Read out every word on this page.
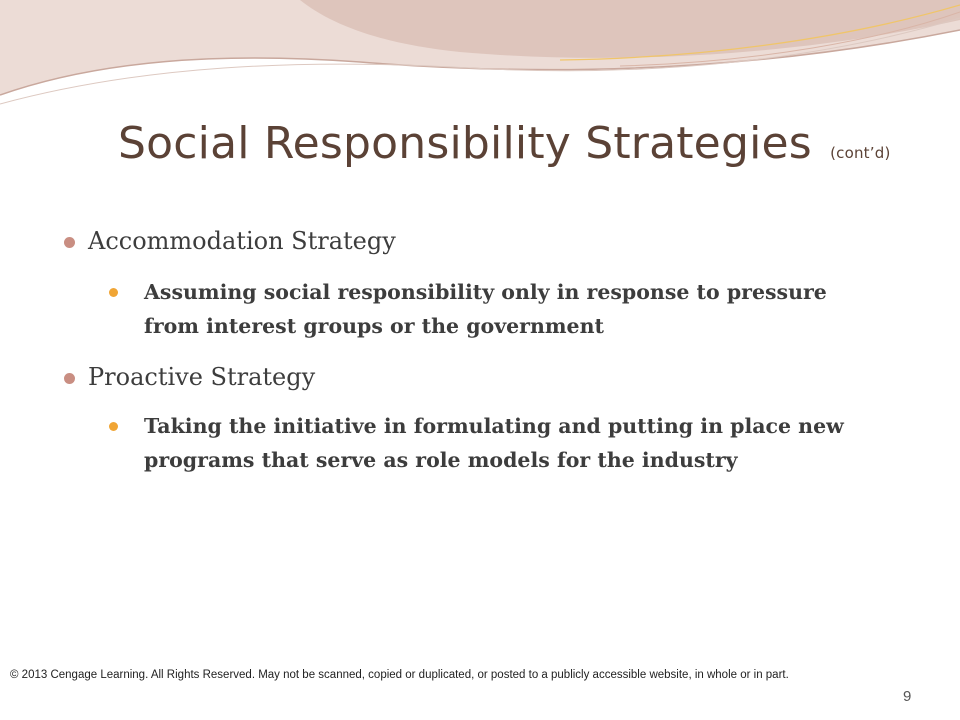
Social Responsibility Strategies (cont’d)
Accommodation Strategy
Assuming social responsibility only in response to pressure from interest groups or the government
Proactive Strategy
Taking the initiative in formulating and putting in place new programs that serve as role models for the industry
© 2013 Cengage Learning. All Rights Reserved. May not be scanned, copied or duplicated, or posted to a publicly accessible website, in whole or in part.
9
